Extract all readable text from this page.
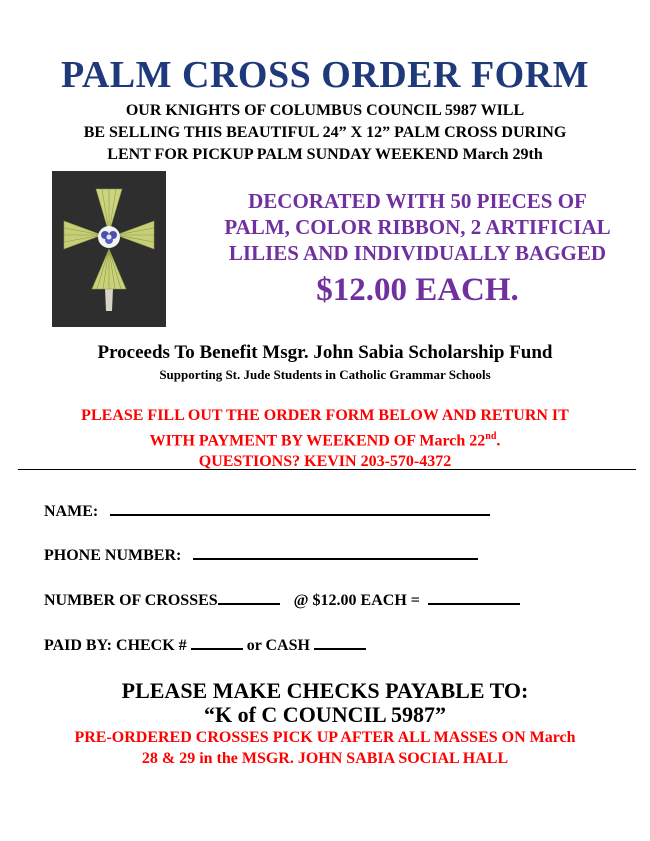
PALM CROSS ORDER FORM
OUR KNIGHTS OF COLUMBUS COUNCIL 5987 WILL
BE SELLING THIS BEAUTIFUL 24” X 12” PALM CROSS DURING
LENT FOR PICKUP PALM SUNDAY WEEKEND March 29th
DECORATED WITH 50 PIECES OF
PALM, COLOR RIBBON, 2 ARTIFICIAL
LILIES AND INDIVIDUALLY BAGGED
$12.00 EACH.
Proceeds To Benefit Msgr. John Sabia Scholarship Fund
Supporting St. Jude Students in Catholic Grammar Schools
PLEASE FILL OUT THE ORDER FORM BELOW AND RETURN IT
WITH PAYMENT BY WEEKEND OF March 22nd.
QUESTIONS? KEVIN 203-570-4372
NAME:
PHONE NUMBER:
NUMBER OF CROSSES	@ $12.00 EACH =
PAID BY: CHECK #	or CASH
PLEASE MAKE CHECKS PAYABLE TO:
“K of C COUNCIL 5987”
PRE-ORDERED CROSSES PICK UP AFTER ALL MASSES ON March
28 & 29 in the MSGR. JOHN SABIA SOCIAL HALL
